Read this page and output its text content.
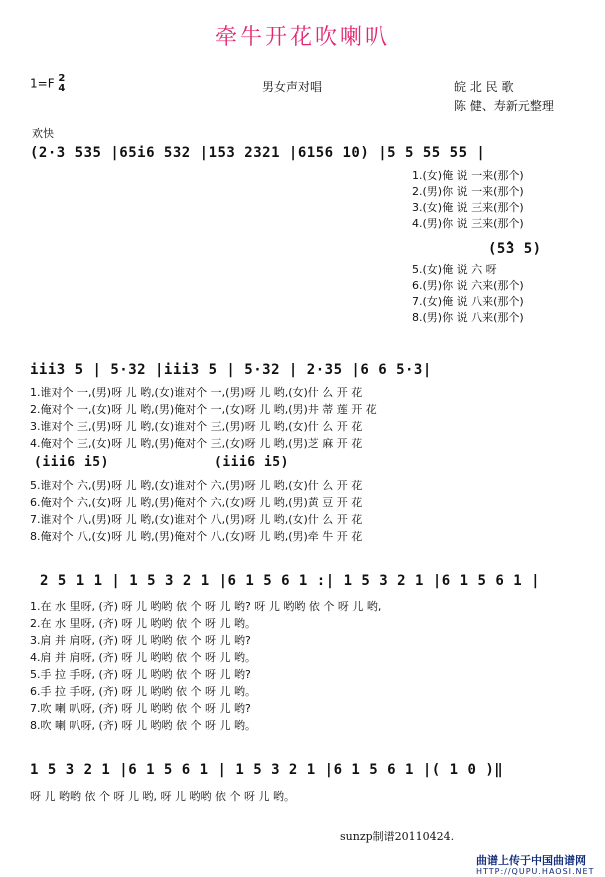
牵牛开花吹喇叭
1=F 2
4	男女声对唱	皖 北 民 歌
陈 健、寿新元整理
欢快
(2·3 535 |65i6 532 |153 2321 |6156 10) |5 5 55 55 |
1.(女)俺 说 一来(那个)
2.(男)你 说 一来(那个)
3.(女)俺 说 三来(那个)
4.(男)你 说 三来(那个)
(5̂3 5)
5.(女)俺 说 六 呀
6.(男)你 说 六来(那个)
7.(女)俺 说 八来(那个)
8.(男)你 说 八来(那个)
iii3 5 | 5·32 |iii3 5 | 5·32 | 2·35 |6 6 5·3|
1.谁对个 一,(男)呀 儿 哟,(女)谁对个 一,(男)呀 儿 哟,(女)什 么 开 花
2.俺对个 一,(女)呀 儿 哟,(男)俺对个 一,(女)呀 儿 哟,(男)井 蒂 莲 开 花
3.谁对个 三,(男)呀 儿 哟,(女)谁对个 三,(男)呀 儿 哟,(女)什 么 开 花
4.俺对个 三,(女)呀 儿 哟,(男)俺对个 三,(女)呀 儿 哟,(男)芝 麻 开 花
(iii6 i5)	(iii6 i5)
5.谁对个 六,(男)呀 儿 哟,(女)谁对个 六,(男)呀 儿 哟,(女)什 么 开 花
6.俺对个 六,(女)呀 儿 哟,(男)俺对个 六,(女)呀 儿 哟,(男)黄 豆 开 花
7.谁对个 八,(男)呀 儿 哟,(女)谁对个 八,(男)呀 儿 哟,(女)什 么 开 花
8.俺对个 八,(女)呀 儿 哟,(男)俺对个 八,(女)呀 儿 哟,(男)牵 牛 开 花
2 5 1 1 | 1 5 3 2 1 |6 1 5 6 1 :| 1 5 3 2 1 |6 1 5 6 1 |
1.在 水 里呀, (齐) 呀 儿 哟哟 依 个 呀 儿 哟? 呀 儿 哟哟 依 个 呀 儿 哟,
2.在 水 里呀, (齐) 呀 儿 哟哟 依 个 呀 儿 哟。
3.肩 并 肩呀, (齐) 呀 儿 哟哟 依 个 呀 儿 哟?
4.肩 并 肩呀, (齐) 呀 儿 哟哟 依 个 呀 儿 哟。
5.手 拉 手呀, (齐) 呀 儿 哟哟 依 个 呀 儿 哟?
6.手 拉 手呀, (齐) 呀 儿 哟哟 依 个 呀 儿 哟。
7.吹 喇 叭呀, (齐) 呀 儿 哟哟 依 个 呀 儿 哟?
8.吹 喇 叭呀, (齐) 呀 儿 哟哟 依 个 呀 儿 哟。
1 5 3 2 1 |6 1 5 6 1 | 1 5 3 2 1 |6 1 5 6 1 |( 1 0 )‖
呀 儿 哟哟 依 个 呀 儿 哟, 呀 儿 哟哟 依 个 呀 儿 哟。
sunzp制谱20110424.
曲谱上传于中国曲谱网
HTTP://QUPU.HAOSI.NET
